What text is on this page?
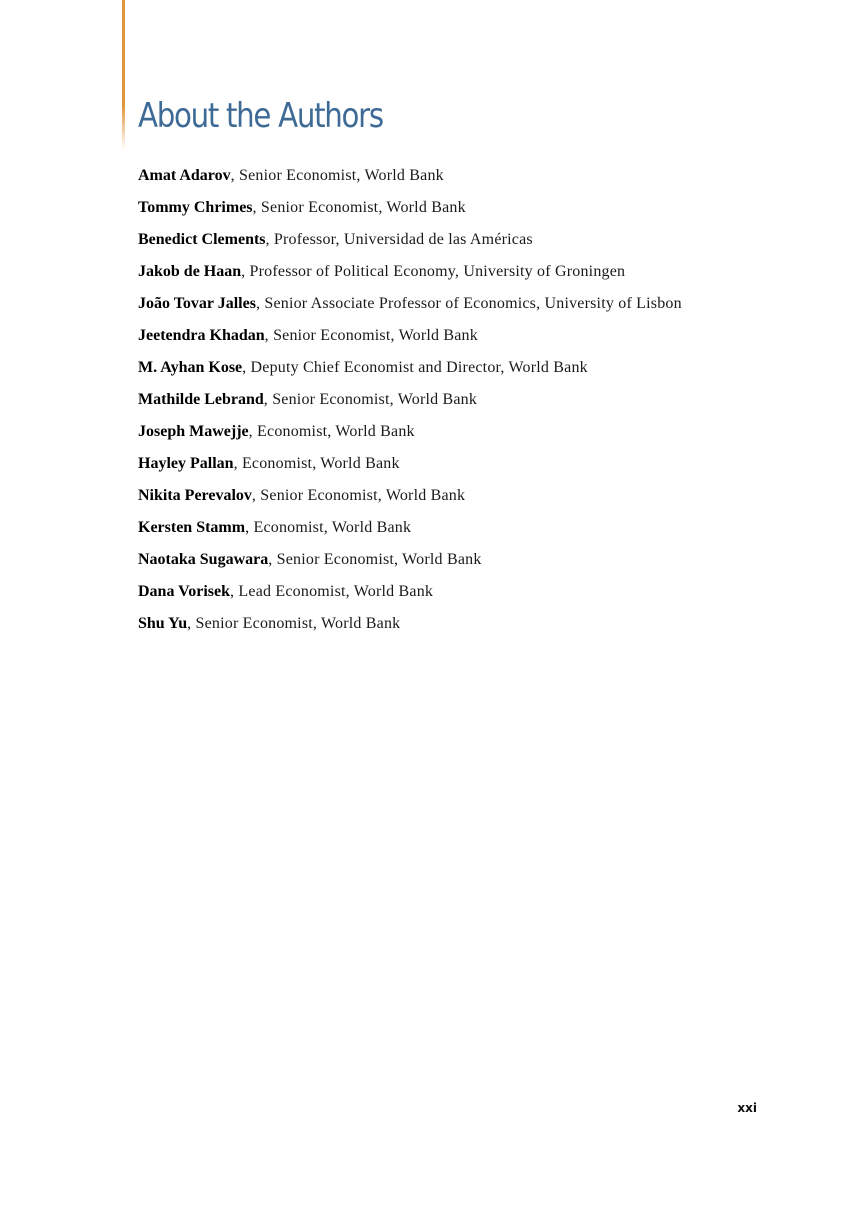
About the Authors
Amat Adarov, Senior Economist, World Bank
Tommy Chrimes, Senior Economist, World Bank
Benedict Clements, Professor, Universidad de las Américas
Jakob de Haan, Professor of Political Economy, University of Groningen
João Tovar Jalles, Senior Associate Professor of Economics, University of Lisbon
Jeetendra Khadan, Senior Economist, World Bank
M. Ayhan Kose, Deputy Chief Economist and Director, World Bank
Mathilde Lebrand, Senior Economist, World Bank
Joseph Mawejje, Economist, World Bank
Hayley Pallan, Economist, World Bank
Nikita Perevalov, Senior Economist, World Bank
Kersten Stamm, Economist, World Bank
Naotaka Sugawara, Senior Economist, World Bank
Dana Vorisek, Lead Economist, World Bank
Shu Yu, Senior Economist, World Bank
xxi
